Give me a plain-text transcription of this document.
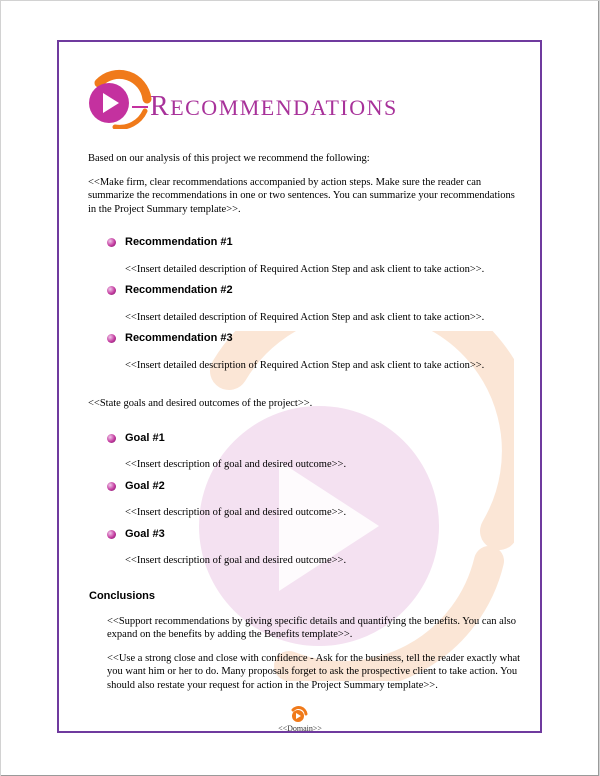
RECOMMENDATIONS
Based on our analysis of this project we recommend the following:
<<Make firm, clear recommendations accompanied by action steps. Make sure the reader can summarize the recommendations in one or two sentences. You can summarize your recommendations in the Project Summary template>>.
Recommendation #1
<<Insert detailed description of Required Action Step and ask client to take action>>.
Recommendation #2
<<Insert detailed description of Required Action Step and ask client to take action>>.
Recommendation #3
<<Insert detailed description of Required Action Step and ask client to take action>>.
<<State goals and desired outcomes of the project>>.
Goal #1
<<Insert description of goal and desired outcome>>.
Goal #2
<<Insert description of goal and desired outcome>>.
Goal #3
<<Insert description of goal and desired outcome>>.
Conclusions
<<Support recommendations by giving specific details and quantifying the benefits. You can also expand on the benefits by adding the Benefits template>>.
<<Use a strong close and close with confidence - Ask for the business, tell the reader exactly what you want him or her to do. Many proposals forget to ask the prospective client to take action. You should also restate your request for action in the Project Summary template>>.
<<Domain>>
